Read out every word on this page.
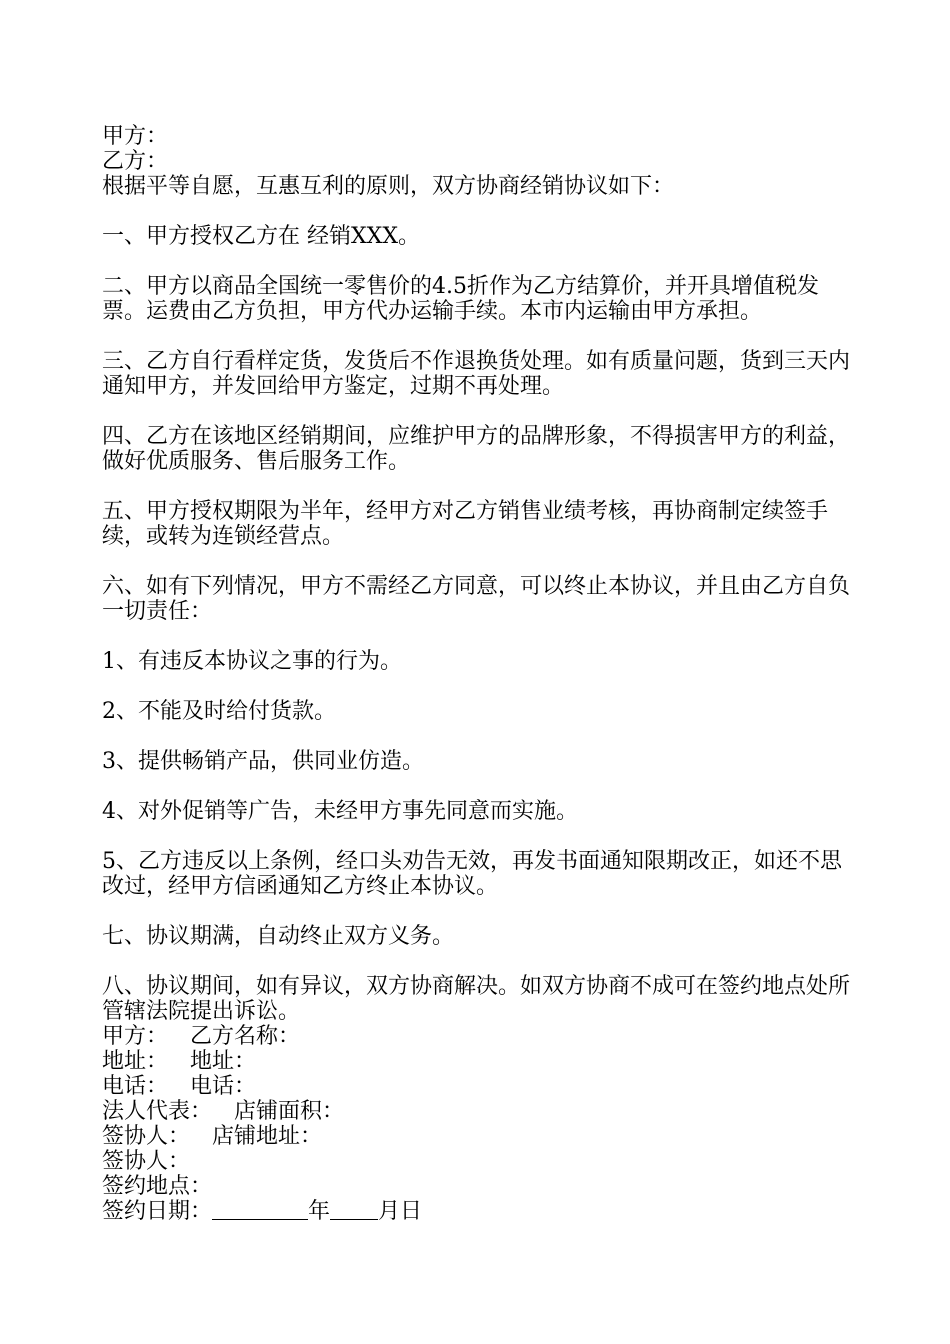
甲方：
乙方：
根据平等自愿，互惠互利的原则，双方协商经销协议如下：
一、甲方授权乙方在 经销XXX。
二、甲方以商品全国统一零售价的4.5折作为乙方结算价，并开具增值税发票。运费由乙方负担，甲方代办运输手续。本市内运输由甲方承担。
三、乙方自行看样定货，发货后不作退换货处理。如有质量问题，货到三天内通知甲方，并发回给甲方鉴定，过期不再处理。
四、乙方在该地区经销期间，应维护甲方的品牌形象，不得损害甲方的利益，做好优质服务、售后服务工作。
五、甲方授权期限为半年，经甲方对乙方销售业绩考核，再协商制定续签手续，或转为连锁经营点。
六、如有下列情况，甲方不需经乙方同意，可以终止本协议，并且由乙方自负一切责任：
1、有违反本协议之事的行为。
2、不能及时给付货款。
3、提供畅销产品，供同业仿造。
4、对外促销等广告，未经甲方事先同意而实施。
5、乙方违反以上条例，经口头劝告无效，再发书面通知限期改正，如还不思改过，经甲方信函通知乙方终止本协议。
七、协议期满，自动终止双方义务。
八、协议期间，如有异议，双方协商解决。如双方协商不成可在签约地点处所管辖法院提出诉讼。
甲方： 乙方名称：
地址： 地址：
电话： 电话：
法人代表： 店铺面积：
签协人： 店铺地址：
签协人：
签约地点：
签约日期：	年 月日
